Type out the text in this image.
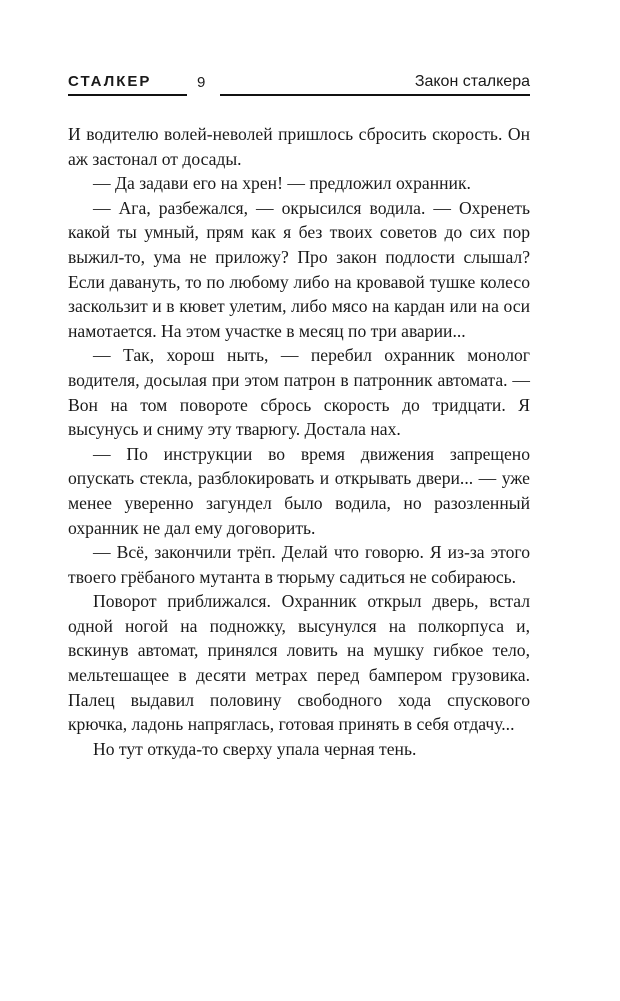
СТАЛКЕР	9	Закон сталкера

И водителю волей-неволей пришлось сбросить скорость. Он аж застонал от досады.

— Да задави его на хрен! — предложил охранник.

— Ага, разбежался, — окрысился водила. — Охренеть какой ты умный, прям как я без твоих советов до сих пор выжил-то, ума не приложу? Про закон подлости слышал? Если давануть, то по любому либо на кровавой тушке колесо заскользит и в кювет улетим, либо мясо на кардан или на оси намотается. На этом участке в месяц по три аварии...

— Так, хорош ныть, — перебил охранник монолог водителя, досылая при этом патрон в патронник автомата. — Вон на том повороте сбрось скорость до тридцати. Я высунусь и сниму эту тварюгу. Достала нах.

— По инструкции во время движения запрещено опускать стекла, разблокировать и открывать двери... — уже менее уверенно загундел было водила, но разозленный охранник не дал ему договорить.

— Всё, закончили трёп. Делай что говорю. Я из-за этого твоего грёбаного мутанта в тюрьму садиться не собираюсь.

Поворот приближался. Охранник открыл дверь, встал одной ногой на подножку, высунулся на полкорпуса и, вскинув автомат, принялся ловить на мушку гибкое тело, мельтешащее в десяти метрах перед бампером грузовика. Палец выдавил половину свободного хода спускового крючка, ладонь напряглась, готовая принять в себя отдачу...

Но тут откуда-то сверху упала черная тень.
